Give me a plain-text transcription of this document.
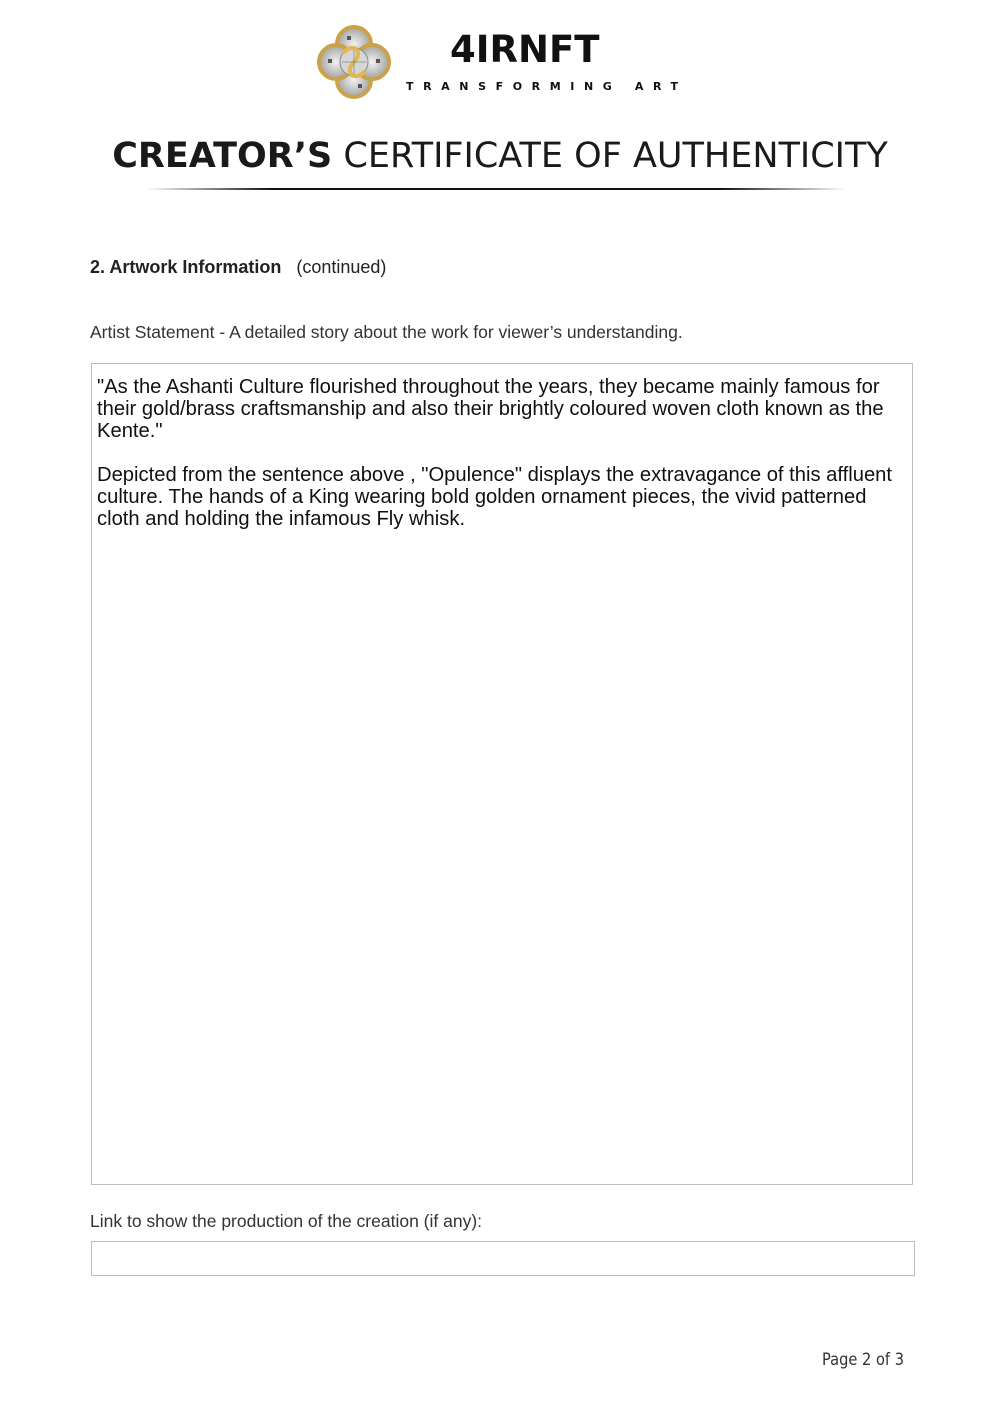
4IRNFT
TRANSFORMING ART
CREATOR’S CERTIFICATE OF AUTHENTICITY
2. Artwork Information (continued)
Artist Statement - A detailed story about the work for viewer’s understanding.

"As the Ashanti Culture flourished throughout the years, they became mainly famous for their gold/brass craftsmanship and also their brightly coloured woven cloth known as the Kente."

Depicted from the sentence above , "Opulence" displays the extravagance of this affluent culture. The hands of a King wearing bold golden ornament pieces, the vivid patterned cloth and holding the infamous Fly whisk.

Link to show the production of the creation (if any):
Page 2 of 3
